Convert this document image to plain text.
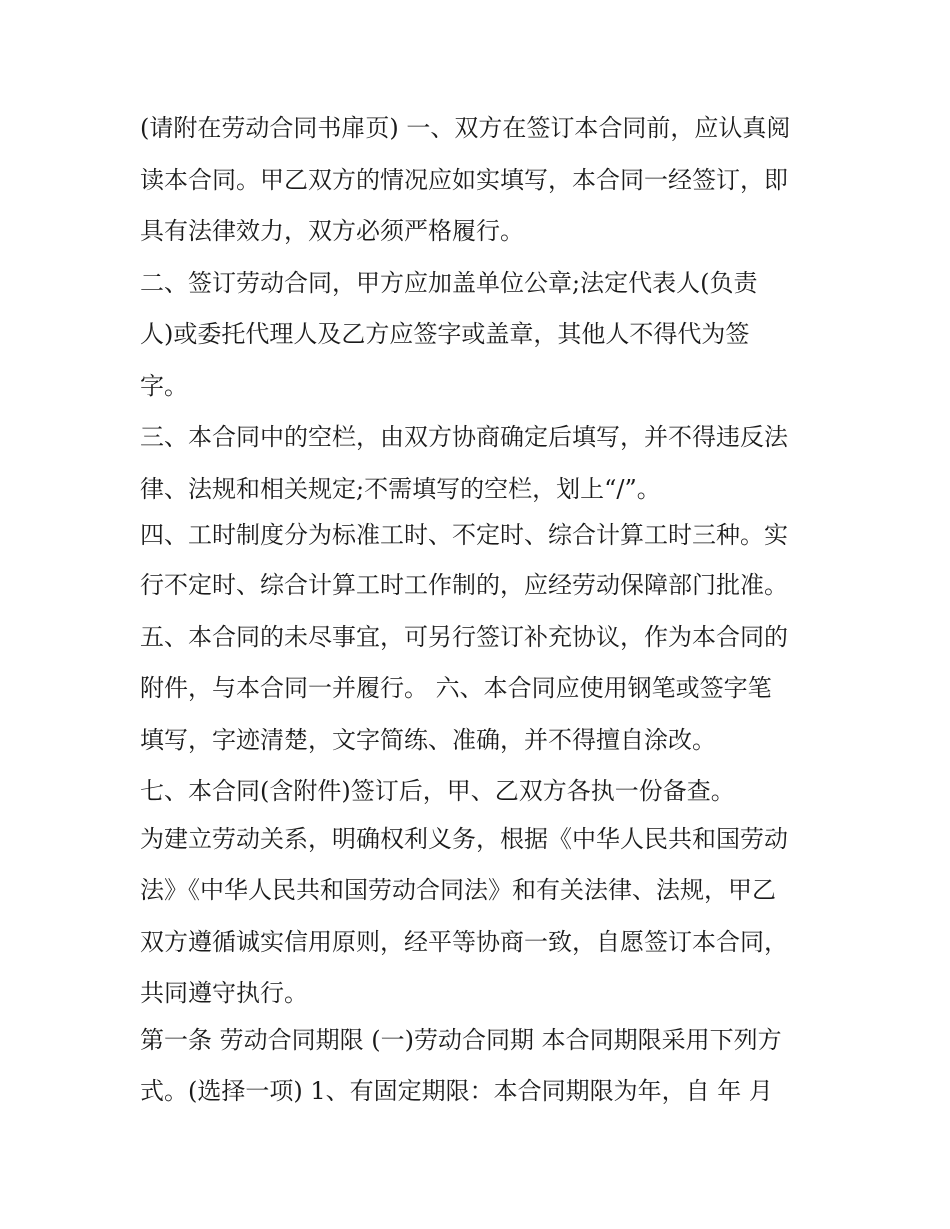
(请附在劳动合同书扉页) 一、双方在签订本合同前，应认真阅
读本合同。甲乙双方的情况应如实填写，本合同一经签订，即
具有法律效力，双方必须严格履行。
二、签订劳动合同，甲方应加盖单位公章;法定代表人(负责
人)或委托代理人及乙方应签字或盖章，其他人不得代为签
字。
三、本合同中的空栏，由双方协商确定后填写，并不得违反法
律、法规和相关规定;不需填写的空栏，划上“/”。
四、工时制度分为标准工时、不定时、综合计算工时三种。实
行不定时、综合计算工时工作制的，应经劳动保障部门批准。
五、本合同的未尽事宜，可另行签订补充协议，作为本合同的
附件，与本合同一并履行。 六、本合同应使用钢笔或签字笔
填写，字迹清楚，文字简练、准确，并不得擅自涂改。
七、本合同(含附件)签订后，甲、乙双方各执一份备查。
为建立劳动关系，明确权利义务，根据《中华人民共和国劳动
法》《中华人民共和国劳动合同法》和有关法律、法规，甲乙
双方遵循诚实信用原则，经平等协商一致，自愿签订本合同，
共同遵守执行。
第一条 劳动合同期限 (一)劳动合同期 本合同期限采用下列方
式。(选择一项) 1、有固定期限：本合同期限为年，自 年 月
